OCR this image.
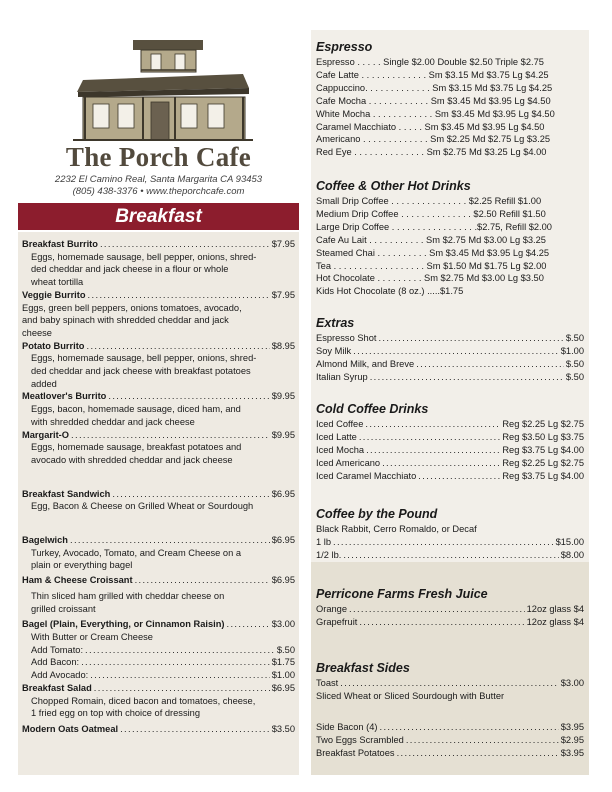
The Porch Cafe
2232 El Camino Real, Santa Margarita CA 93453
(805) 438-3376 • www.theporchcafe.com
Breakfast
Breakfast Burrito . . .	$7.95
Eggs, homemade sausage, bell pepper, onions, shred-
ded cheddar and jack cheese in a flour or whole
wheat tortilla
Veggie Burrito . . .	$7.95
Eggs, green bell peppers, onions tomatoes, avocado,
and baby spinach with shredded cheddar and jack
cheese
Potato Burrito . . .	$8.95
Eggs, homemade sausage, bell pepper, onions, shred-
ded cheddar and jack cheese with breakfast potatoes
added
Meatlover's Burrito . . .	$9.95
Eggs, bacon, homemade sausage, diced ham, and
with shredded cheddar and jack cheese
Margarit-O . . .	$9.95
Eggs, homemade sausage, breakfast potatoes and
avocado with shredded cheddar and jack cheese
Breakfast Sandwich . . .	$6.95
Egg, Bacon & Cheese on Grilled Wheat or Sourdough
Bagelwich . . .	$6.95
Turkey, Avocado, Tomato, and Cream Cheese on a
plain or everything bagel
Ham & Cheese Croissant . . .	$6.95
Thin sliced ham grilled with cheddar cheese on
grilled croissant
Bagel (Plain, Everything, or Cinnamon Raisin) . . .	$3.00
With Butter or Cream Cheese
Add Tomato: . . .	$.50
Add Bacon: . . .	$1.75
Add Avocado: . . .	$1.00
Breakfast Salad . . .	$6.95
Chopped Romain, diced bacon and tomatoes, cheese,
1 fried egg on top with choice of dressing
Modern Oats Oatmeal . . .	$3.50
Espresso
Espresso . . . . . Single $2.00 Double $2.50 Triple $2.75
Cafe Latte . . . . . . . . . . . . . Sm $3.15 Md $3.75 Lg $4.25
Cappuccino. . . . . . . . . . . . . Sm $3.15 Md $3.75 Lg $4.25
Cafe Mocha . . . . . . . . . . . . Sm $3.45 Md $3.95 Lg $4.50
White Mocha . . . . . . . . . . . . Sm $3.45 Md $3.95 Lg $4.50
Caramel Macchiato . . . . . Sm $3.45 Md $3.95 Lg $4.50
Americano . . . . . . . . . . . . . Sm $2.25 Md $2.75 Lg $3.25
Red Eye . . . . . . . . . . . . . . Sm $2.75 Md $3.25 Lg $4.00
Coffee & Other Hot Drinks
Small Drip Coffee . . . . . . . . . . . . . . . $2.25 Refill $1.00
Medium Drip Coffee . . . . . . . . . . . . . . $2.50 Refill $1.50
Large Drip Coffee . . . . . . . . . . . . . . . . .$2.75, Refill $2.00
Cafe Au Lait . . . . . . . . . . . Sm $2.75 Md $3.00 Lg $3.25
Steamed Chai . . . . . . . . . . Sm $3.45 Md $3.95 Lg $4.25
Tea . . . . . . . . . . . . . . . . . . Sm $1.50 Md $1.75 Lg $2.00
Hot Chocolate . . . . . . . . . Sm $2.75 Md $3.00 Lg $3.50
Kids Hot Chocolate (8 oz.) .....$1.75
Extras
Espresso Shot . . .	$.50
Soy Milk . . .	$1.00
Almond Milk, and Breve . . .	$.50
Italian Syrup . . .	$.50
Cold Coffee Drinks
Iced Coffee . . .	Reg $2.25 Lg $2.75
Iced Latte . . .	Reg $3.50 Lg $3.75
Iced Mocha . . .	Reg $3.75 Lg $4.00
Iced Americano . . .	Reg $2.25 Lg $2.75
Iced Caramel Macchiato . . .	Reg $3.75 Lg $4.00
Coffee by the Pound
Black Rabbit, Cerro Romaldo, or Decaf
1 lb . . .	$15.00
1/2 lb. . . .	$8.00
Perricone Farms Fresh Juice
Orange . . .	12oz glass $4
Grapefruit . . .	12oz glass $4
Breakfast Sides
Toast . . .	$3.00
Sliced Wheat or Sliced Sourdough with Butter
Side Bacon (4) . . .	$3.95
Two Eggs Scrambled . . .	$2.95
Breakfast Potatoes . . .	$3.95
